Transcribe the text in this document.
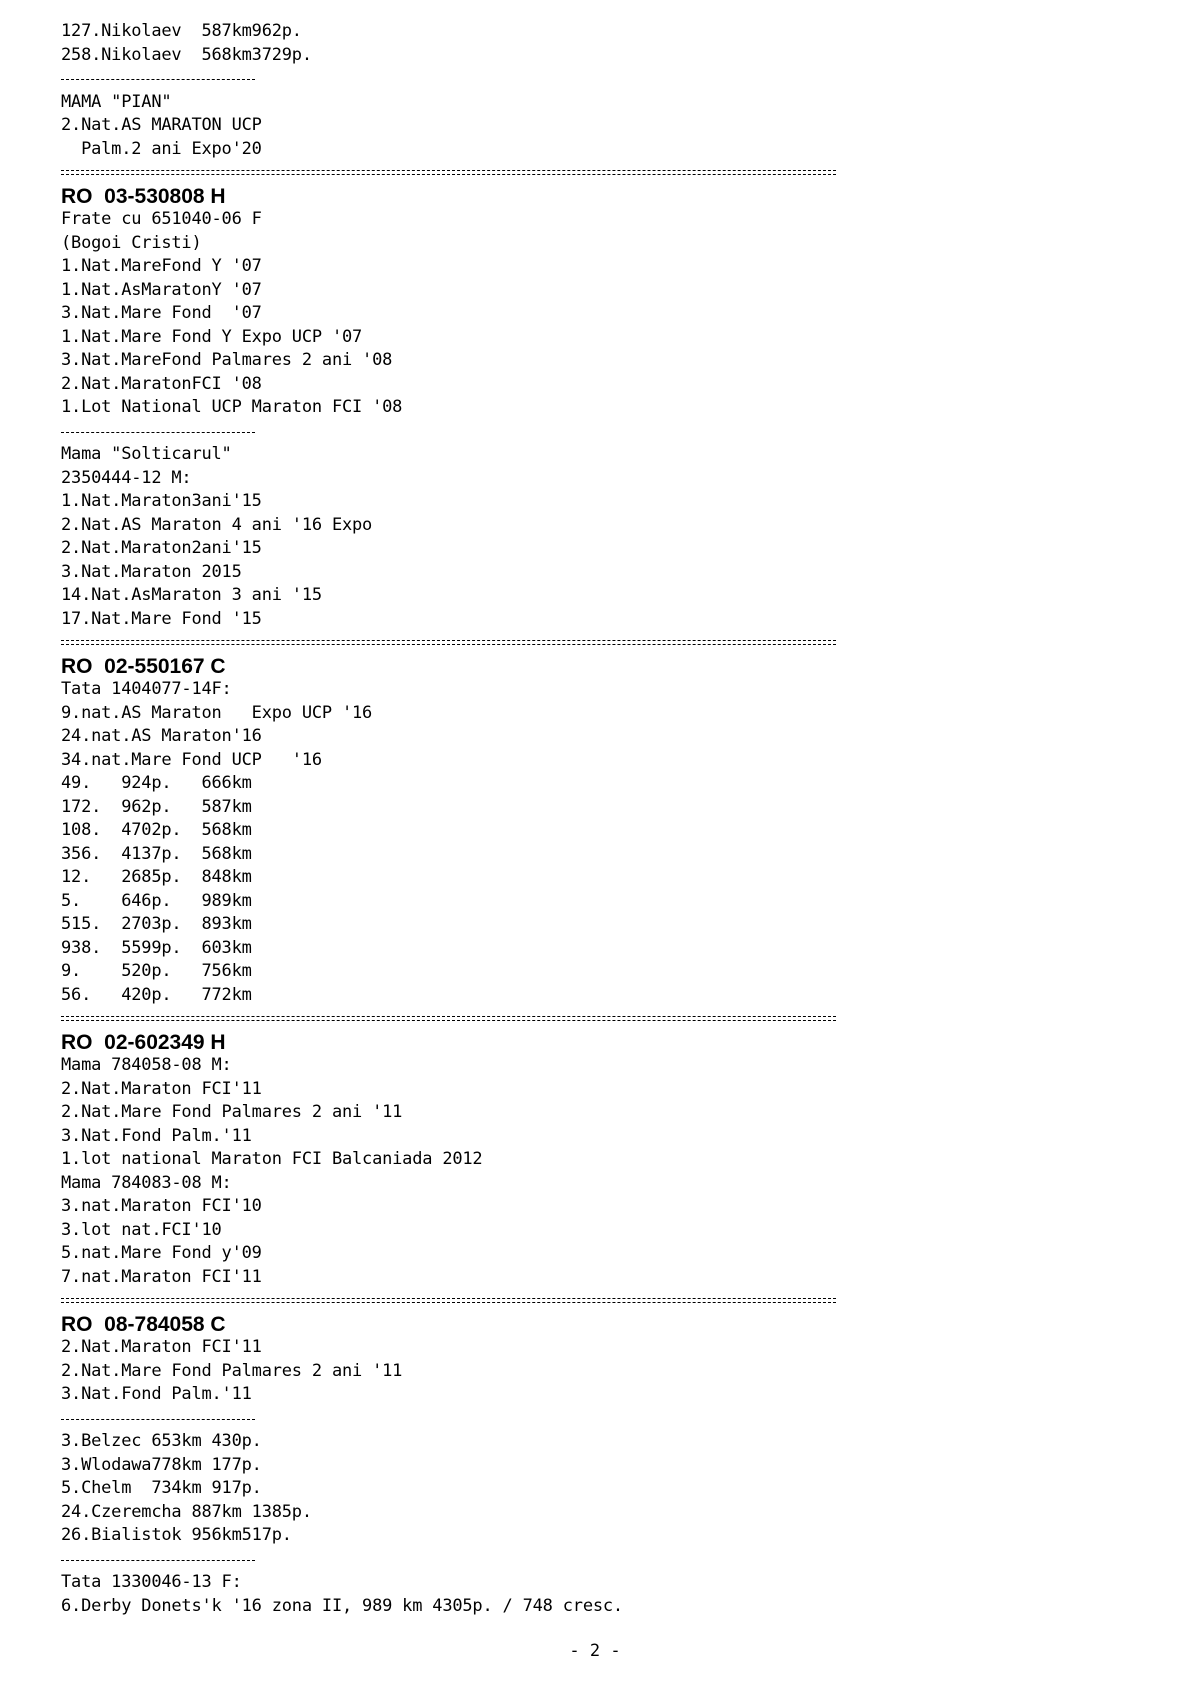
127.Nikolaev  587km962p.
258.Nikolaev  568km3729p.
MAMA "PIAN"
2.Nat.AS MARATON UCP
Palm.2 ani Expo'20
RO  03-530808 H
Frate cu 651040-06 F
(Bogoi Cristi)
1.Nat.MareFond Y '07
1.Nat.AsMaratonY '07
3.Nat.Mare Fond  '07
1.Nat.Mare Fond Y Expo UCP '07
3.Nat.MareFond Palmares 2 ani '08
2.Nat.MaratonFCI '08
1.Lot National UCP Maraton FCI '08
Mama "Solticarul"
2350444-12 M:
1.Nat.Maraton3ani'15
2.Nat.AS Maraton 4 ani '16 Expo
2.Nat.Maraton2ani'15
3.Nat.Maraton 2015
14.Nat.AsMaraton 3 ani '15
17.Nat.Mare Fond '15
RO  02-550167 C
Tata 1404077-14F:
9.nat.AS Maraton   Expo UCP '16
24.nat.AS Maraton'16
34.nat.Mare Fond UCP   '16
49.   924p.   666km
172.  962p.   587km
108.  4702p.  568km
356.  4137p.  568km
12.   2685p.  848km
5.    646p.   989km
515.  2703p.  893km
938.  5599p.  603km
9.    520p.   756km
56.   420p.   772km
RO  02-602349 H
Mama 784058-08 M:
2.Nat.Maraton FCI'11
2.Nat.Mare Fond Palmares 2 ani '11
3.Nat.Fond Palm.'11
1.lot national Maraton FCI Balcaniada 2012
Mama 784083-08 M:
3.nat.Maraton FCI'10
3.lot nat.FCI'10
5.nat.Mare Fond y'09
7.nat.Maraton FCI'11
RO  08-784058 C
2.Nat.Maraton FCI'11
2.Nat.Mare Fond Palmares 2 ani '11
3.Nat.Fond Palm.'11
3.Belzec 653km 430p.
3.Wlodawa778km 177p.
5.Chelm  734km 917p.
24.Czeremcha 887km 1385p.
26.Bialistok 956km517p.
Tata 1330046-13 F:
6.Derby Donets'k '16 zona II, 989 km 4305p. / 748 cresc.
- 2 -
